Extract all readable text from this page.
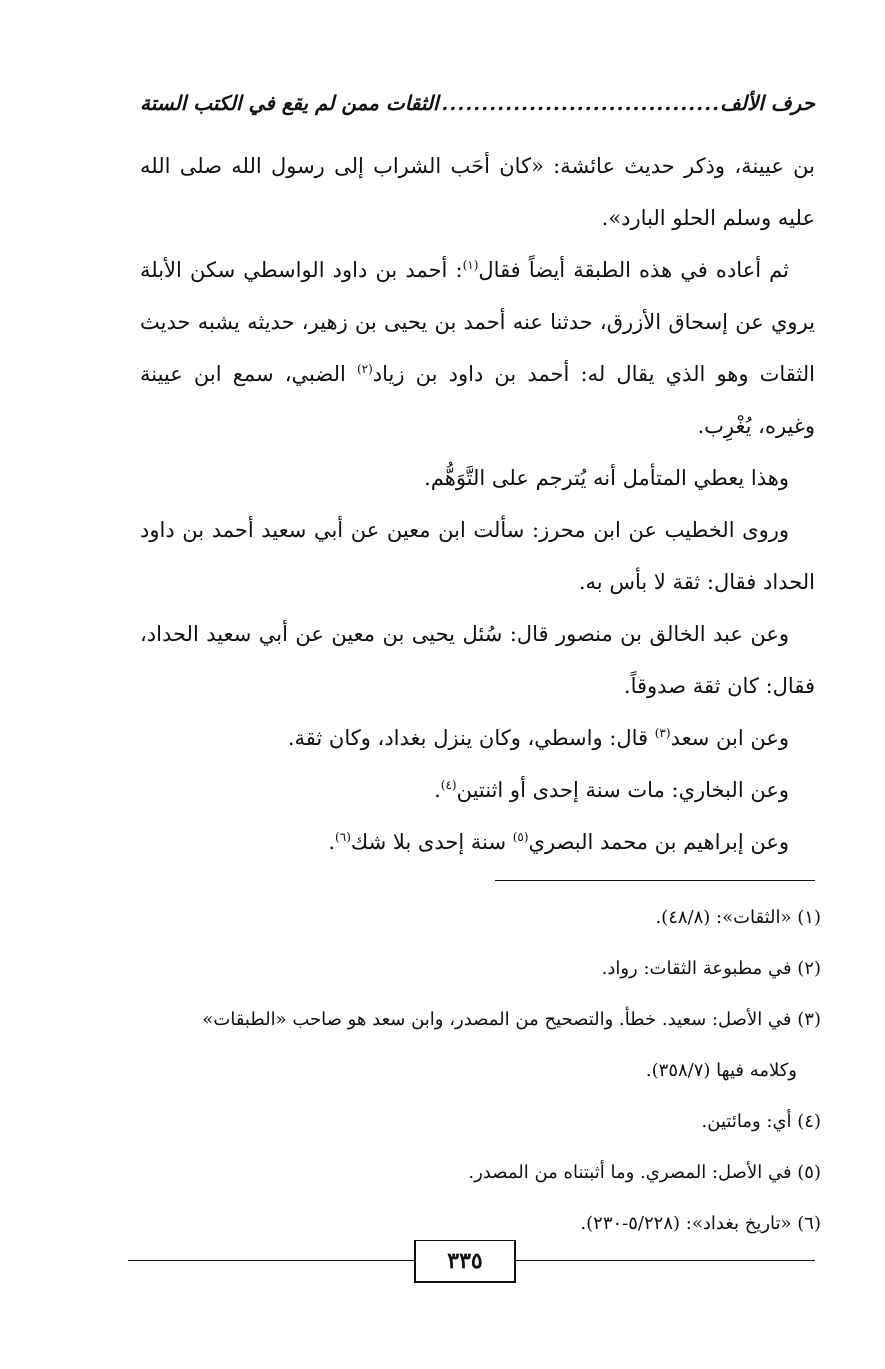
حرف الألف
.....
الثقات ممن لم يقع في الكتب الستة

بن عيينة، وذكر حديث عائشة: «كان أحَب الشراب إلى رسول الله صلى الله عليه وسلم الحلو البارد».

ثم أعاده في هذه الطبقة أيضاً فقال$^{(١)}$: أحمد بن داود الواسطي سكن الأبلة يروي عن إسحاق الأزرق، حدثنا عنه أحمد بن يحيى بن زهير، حديثه يشبه حديث الثقات وهو الذي يقال له: أحمد بن داود بن زياد$^{(٢)}$ الضبي، سمع ابن عيينة وغيره، يُغْرِب.

وهذا يعطي المتأمل أنه يُترجم على التَّوَهُّم.

وروى الخطيب عن ابن محرز: سألت ابن معين عن أبي سعيد أحمد بن داود الحداد فقال: ثقة لا بأس به.

وعن عبد الخالق بن منصور قال: سُئل يحيى بن معين عن أبي سعيد الحداد، فقال: كان ثقة صدوقاً.

وعن ابن سعد$^{(٣)}$ قال: واسطي، وكان ينزل بغداد، وكان ثقة.

وعن البخاري: مات سنة إحدى أو اثنتين$^{(٤)}$.

وعن إبراهيم بن محمد البصري$^{(٥)}$ سنة إحدى بلا شك$^{(٦)}$.

(١) «الثقات»: (٤٨/٨).

(٢) في مطبوعة الثقات: رواد.

(٣) في الأصل: سعيد. خطأ. والتصحيح من المصدر، وابن سعد هو صاحب «الطبقات»

وكلامه فيها (٣٥٨/٧).

(٤) أي: ومائتين.

(٥) في الأصل: المصري. وما أثبتناه من المصدر.

(٦) «تاريخ بغداد»: (٥/٢٢٨-٢٣٠).

٣٣٥
